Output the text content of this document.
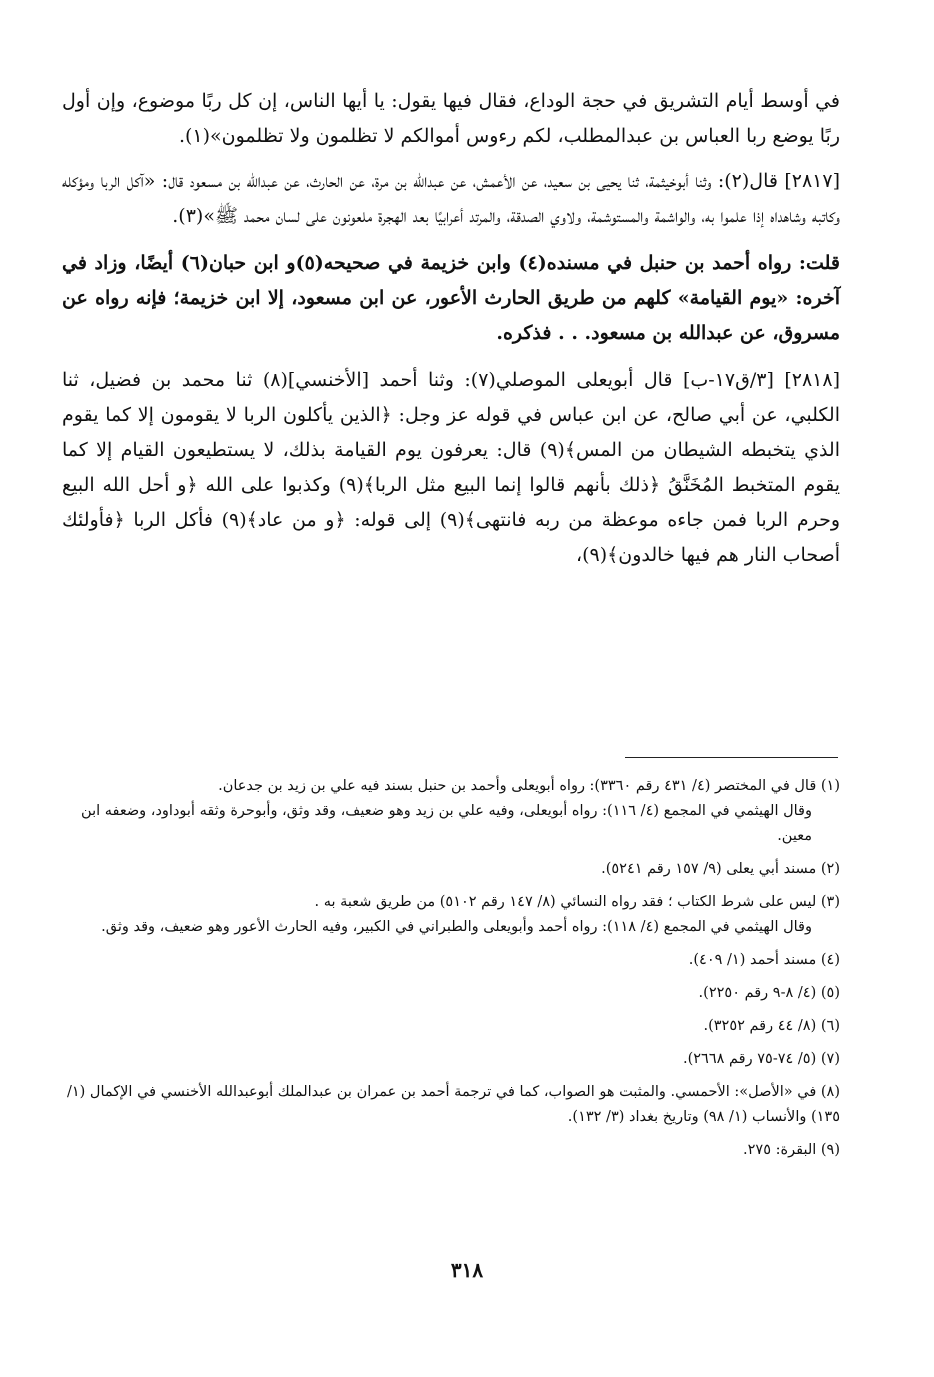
في أوسط أيام التشريق في حجة الوداع، فقال فيها يقول: يا أيها الناس، إن كل ربًا موضوع، وإن أول ربًا يوضع ربا العباس بن عبدالمطلب، لكم رءوس أموالكم لا تظلمون ولا تظلمون»(١).

[٢٨١٧] قال(٢): وثنا أبوخيثمة، ثنا يحيى بن سعيد، عن الأعمش، عن عبدالله بن مرة، عن الحارث، عن عبدالله بن مسعود قال: «آكل الربا ومؤكله وكاتبه وشاهداه إذا علموا به، والواشمة والمستوشمة، ولاوي الصدقة، والمرتد أعرابيًا بعد الهجرة ملعونون على لسان محمد ﷺ»(٣).

قلت: رواه أحمد بن حنبل في مسنده(٤) وابن خزيمة في صحيحه(٥)و ابن حبان(٦) أيضًا، وزاد في آخره: «يوم القيامة» كلهم من طريق الحارث الأعور، عن ابن مسعود، إلا ابن خزيمة؛ فإنه رواه عن مسروق، عن عبدالله بن مسعود. . . فذكره.

[٢٨١٨] [٣/ق١٧-ب] قال أبويعلى الموصلي(٧): وثنا أحمد [الأخنسي](٨) ثنا محمد بن فضيل، ثنا الكلبي، عن أبي صالح، عن ابن عباس في قوله عز وجل: ﴿الذين يأكلون الربا لا يقومون إلا كما يقوم الذي يتخبطه الشيطان من المس﴾(٩) قال: يعرفون يوم القيامة بذلك، لا يستطيعون القيام إلا كما يقوم المتخبط المُخَنَّقُ ﴿ذلك بأنهم قالوا إنما البيع مثل الربا﴾(٩) وكذبوا على الله ﴿و أحل الله البيع وحرم الربا فمن جاءه موعظة من ربه فانتهى﴾(٩) إلى قوله: ﴿و من عاد﴾(٩) فأكل الربا ﴿فأولئك أصحاب النار هم فيها خالدون﴾(٩)،

(١) قال في المختصر (٤/ ٤٣١ رقم ٣٣٦٠): رواه أبويعلى وأحمد بن حنبل بسند فيه علي بن زيد بن جدعان.
وقال الهيثمي في المجمع (٤/ ١١٦): رواه أبويعلى، وفيه علي بن زيد وهو ضعيف، وقد وثق، وأبوحرة وثقه أبوداود، وضعفه ابن معين.
(٢) مسند أبي يعلى (٩/ ١٥٧ رقم ٥٢٤١).
(٣) ليس على شرط الكتاب ؛ فقد رواه النسائي (٨/ ١٤٧ رقم ٥١٠٢) من طريق شعبة به .
وقال الهيثمي في المجمع (٤/ ١١٨): رواه أحمد وأبويعلى والطبراني في الكبير، وفيه الحارث الأعور وهو ضعيف، وقد وثق.
(٤) مسند أحمد (١/ ٤٠٩).
(٥) (٤/ ٨-٩ رقم ٢٢٥٠).
(٦) (٨/ ٤٤ رقم ٣٢٥٢).
(٧) (٥/ ٧٤-٧٥ رقم ٢٦٦٨).
(٨) في «الأصل»: الأحمسي. والمثبت هو الصواب، كما في ترجمة أحمد بن عمران بن عبدالملك أبوعبدالله الأخنسي في الإكمال (١/ ١٣٥) والأنساب (١/ ٩٨) وتاريخ بغداد (٣/ ١٣٢).
(٩) البقرة: ٢٧٥.
٣١٨
